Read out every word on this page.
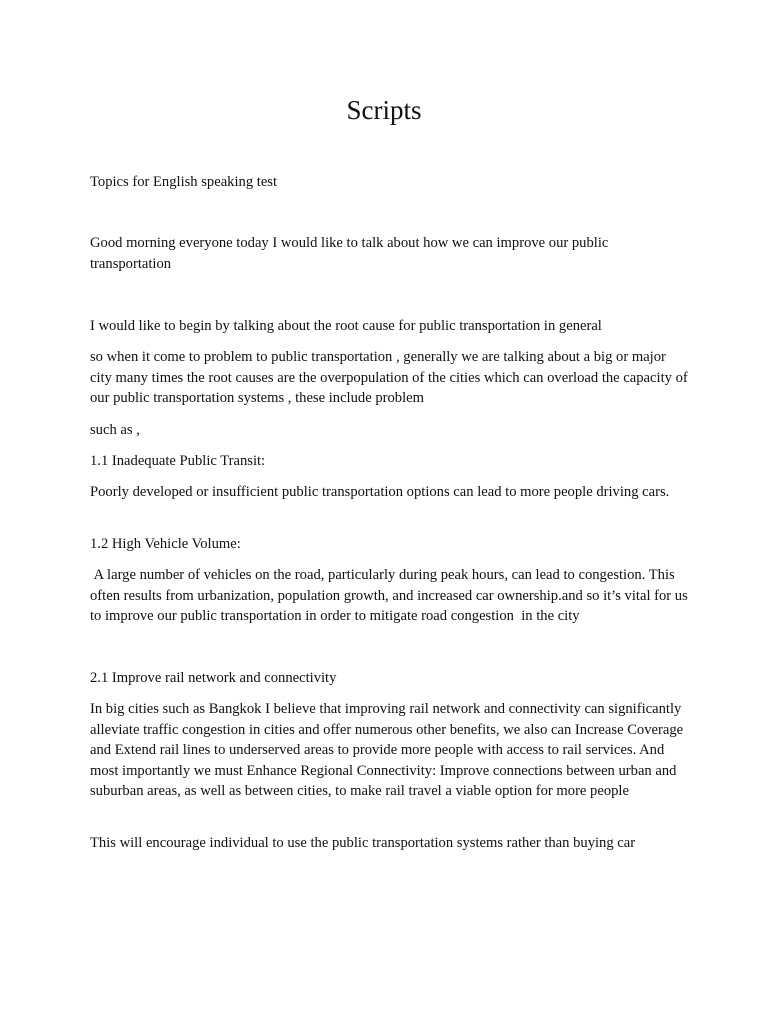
Scripts

Topics for English speaking test

Good morning everyone today I would like to talk about how we can improve our public transportation

I would like to begin by talking about the root cause for public transportation in general

so when it come to problem to public transportation , generally we are talking about a big or major city many times the root causes are the overpopulation of the cities which can overload the capacity of our public transportation systems , these include problem

such as ,

1.1 Inadequate Public Transit:

Poorly developed or insufficient public transportation options can lead to more people driving cars.

1.2 High Vehicle Volume:

A large number of vehicles on the road, particularly during peak hours, can lead to congestion. This often results from urbanization, population growth, and increased car ownership.and so it’s vital for us to improve our public transportation in order to mitigate road congestion  in the city

2.1 Improve rail network and connectivity

In big cities such as Bangkok I believe that improving rail network and connectivity can significantly alleviate traffic congestion in cities and offer numerous other benefits, we also can Increase Coverage and Extend rail lines to underserved areas to provide more people with access to rail services. And most importantly we must Enhance Regional Connectivity: Improve connections between urban and suburban areas, as well as between cities, to make rail travel a viable option for more people

This will encourage individual to use the public transportation systems rather than buying car
